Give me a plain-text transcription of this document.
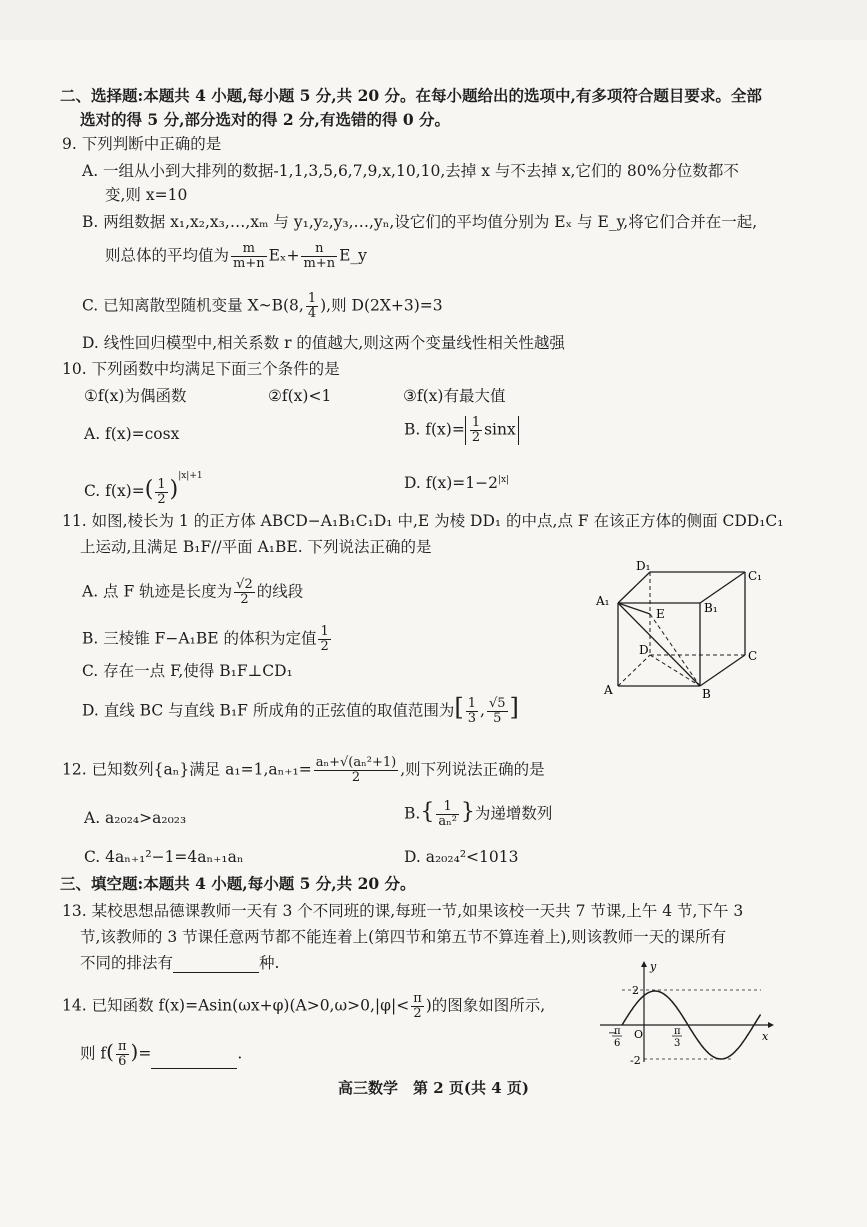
二、选择题:本题共 4 小题,每小题 5 分,共 20 分。在每小题给出的选项中,有多项符合题目要求。全部
选对的得 5 分,部分选对的得 2 分,有选错的得 0 分。
9. 下列判断中正确的是
A. 一组从小到大排列的数据-1,1,3,5,6,7,9,x,10,10,去掉 x 与不去掉 x,它们的 80%分位数都不
变,则 x=10
B. 两组数据 x₁,x₂,x₃,…,xₘ 与 y₁,y₂,y₃,…,yₙ,设它们的平均值分别为 Eₓ 与 E_y,将它们合并在一起,
则总体的平均值为 $\frac{m}{m+n} E_x+ \frac{n}{m+n}$ E_y
C. 已知离散型随机变量 X~B(8, $\frac{1}{4}$ ),则 D(2X+3)=3
D. 线性回归模型中,相关系数 r 的值越大,则这两个变量线性相关性越强
10. 下列函数中均满足下面三个条件的是
①f(x)为偶函数	②f(x)<1	③f(x)有最大值
A. f(x)=cosx	B. $f(x)= \frac{1}{2}$ sinx
C. $f(x)=( \frac{1}{2} )^{|x|+1}$	D. $f(x)=1-2^{|x|}$
11. 如图,棱长为 1 的正方体 ABCD−A₁B₁C₁D₁ 中,E 为棱 DD₁ 的中点,点 F 在该正方体的侧面 CDD₁C₁
上运动,且满足 B₁F//平面 A₁BE. 下列说法正确的是
A. 点 F 轨迹是长度为 $\frac{√2}{2}$ 的线段
B. 三棱锥 F−A₁BE 的体积为定值 $\frac{1}{2}$
C. 存在一点 F,使得 B₁F⊥CD₁
D. 直线 BC 与直线 B₁F 所成角的正弦值的取值范围为[ $\frac{1}{3}$ , $\frac{√5}{5}$ ]
D₁
C₁
A₁
E	B₁
D	C
A	B
12. 已知数列{aₙ}满足 $a_1=1,a_{n+1}= \frac{\text{aₙ+√(aₙ²+1)}}{2}$ ,则下列说法正确的是
A. a₂₀₂₄>a₂₀₂₃	$B.\{ \frac{1}{\text{aₙ²}}$ }为递增数列
C. 4aₙ₊₁²−1=4aₙ₊₁aₙ	D. a₂₀₂₄²<1013
三、填空题:本题共 4 小题,每小题 5 分,共 20 分。
13. 某校思想品德课教师一天有 3 个不同班的课,每班一节,如果该校一天共 7 节课,上午 4 节,下午 3
节,该教师的 3 节课任意两节都不能连着上(第四节和第五节不算连着上),则该教师一天的课所有
不同的排法有	种.
14. 已知函数 $f(x)=Asin(\omega x+\varphi)(A>0,\omega>0,|\varphi|< \frac{\pi}{2}$ )的图象如图所示,
则 $f( \frac{\pi}{6}$ )=	.
y
x
O
2
-2
−
π
6
π
3
高三数学　第 2 页(共 4 页)
